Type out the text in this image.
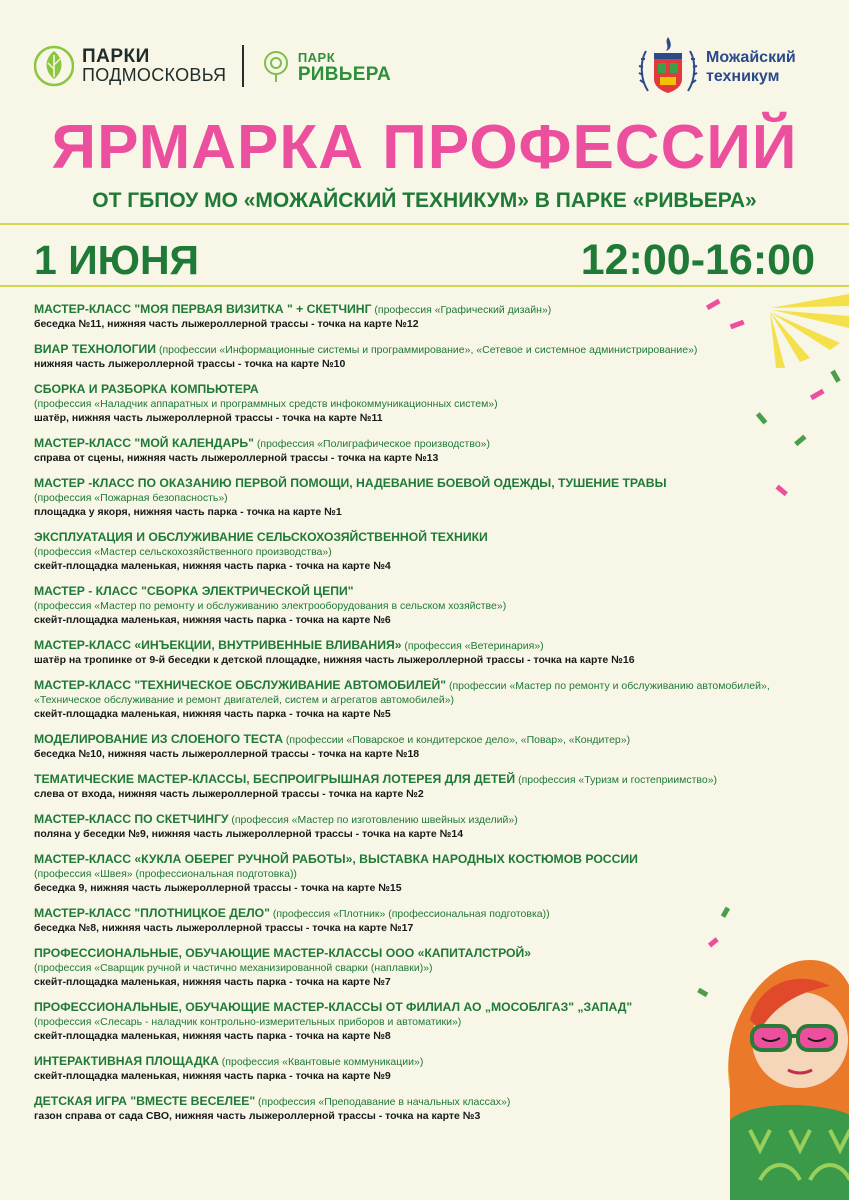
ПАРКИ
ПОДМОСКОВЬЯ
ПАРК
РИВЬЕРА
Можайский
техникум
ЯРМАРКА ПРОФЕССИЙ
ОТ ГБПОУ МО «МОЖАЙСКИЙ ТЕХНИКУМ» В ПАРКЕ «РИВЬЕРА»
1 ИЮНЯ	12:00-16:00
МАСТЕР-КЛАСС "МОЯ ПЕРВАЯ ВИЗИТКА " + СКЕТЧИНГ (профессия «Графический дизайн»)
беседка №11, нижняя часть лыжероллерной трассы - точка на карте №12
ВИАР ТЕХНОЛОГИИ (профессии «Информационные системы и программирование», «Сетевое и системное администрирование»)
нижняя часть лыжероллерной трассы - точка на карте №10
СБОРКА И РАЗБОРКА КОМПЬЮТЕРА
(профессия «Наладчик аппаратных и программных средств инфокоммуникационных систем»)
шатёр, нижняя часть лыжероллерной трассы - точка на карте №11
МАСТЕР-КЛАСС "МОЙ КАЛЕНДАРЬ" (профессия «Полиграфическое производство»)
справа от сцены, нижняя часть лыжероллерной трассы - точка на карте №13
МАСТЕР -КЛАСС ПО ОКАЗАНИЮ ПЕРВОЙ ПОМОЩИ, НАДЕВАНИЕ БОЕВОЙ ОДЕЖДЫ, ТУШЕНИЕ ТРАВЫ
(профессия «Пожарная безопасность»)
площадка у якоря, нижняя часть парка - точка на карте №1
ЭКСПЛУАТАЦИЯ И ОБСЛУЖИВАНИЕ СЕЛЬСКОХОЗЯЙСТВЕННОЙ ТЕХНИКИ
(профессия «Мастер сельскохозяйственного производства»)
скейт-площадка маленькая, нижняя часть парка - точка на карте №4
МАСТЕР - КЛАСС "СБОРКА ЭЛЕКТРИЧЕСКОЙ ЦЕПИ"
(профессия «Мастер по ремонту и обслуживанию электрооборудования в сельском хозяйстве»)
скейт-площадка маленькая, нижняя часть парка - точка на карте №6
МАСТЕР-КЛАСС «ИНЪЕКЦИИ, ВНУТРИВЕННЫЕ ВЛИВАНИЯ» (профессия «Ветеринария»)
шатёр на тропинке от 9-й беседки к детской площадке, нижняя часть лыжероллерной трассы - точка на карте №16
МАСТЕР-КЛАСС "ТЕХНИЧЕСКОЕ ОБСЛУЖИВАНИЕ АВТОМОБИЛЕЙ" (профессии «Мастер по ремонту и обслуживанию автомобилей»,
«Техническое обслуживание и ремонт двигателей, систем и агрегатов автомобилей»)
скейт-площадка маленькая, нижняя часть парка - точка на карте №5
МОДЕЛИРОВАНИЕ ИЗ СЛОЕНОГО ТЕСТА (профессии «Поварское и кондитерское дело», «Повар», «Кондитер»)
беседка №10, нижняя часть лыжероллерной трассы - точка на карте №18
ТЕМАТИЧЕСКИЕ МАСТЕР-КЛАССЫ, БЕСПРОИГРЫШНАЯ ЛОТЕРЕЯ ДЛЯ ДЕТЕЙ (профессия «Туризм и гостеприимство»)
слева от входа, нижняя часть лыжероллерной трассы - точка на карте №2
МАСТЕР-КЛАСС ПО СКЕТЧИНГУ (профессия «Мастер по изготовлению швейных изделий»)
поляна у беседки №9, нижняя часть лыжероллерной трассы - точка на карте №14
МАСТЕР-КЛАСС «КУКЛА ОБЕРЕГ РУЧНОЙ РАБОТЫ», ВЫСТАВКА НАРОДНЫХ КОСТЮМОВ РОССИИ
(профессия «Швея» (профессиональная подготовка))
беседка 9, нижняя часть лыжероллерной трассы - точка на карте №15
МАСТЕР-КЛАСС "ПЛОТНИЦКОЕ ДЕЛО" (профессия «Плотник» (профессиональная подготовка))
беседка №8, нижняя часть лыжероллерной трассы - точка на карте №17
ПРОФЕССИОНАЛЬНЫЕ, ОБУЧАЮЩИЕ МАСТЕР-КЛАССЫ ООО «КАПИТАЛСТРОЙ»
(профессия «Сварщик ручной и частично механизированной сварки (наплавки)»)
скейт-площадка маленькая, нижняя часть парка - точка на карте №7
ПРОФЕССИОНАЛЬНЫЕ, ОБУЧАЮЩИЕ МАСТЕР-КЛАССЫ ОТ ФИЛИАЛ АО „МОСОБЛГАЗ" „ЗАПАД"
(профессия «Слесарь - наладчик контрольно-измерительных приборов и автоматики»)
скейт-площадка маленькая, нижняя часть парка - точка на карте №8
ИНТЕРАКТИВНАЯ ПЛОЩАДКА (профессия «Квантовые коммуникации»)
скейт-площадка маленькая, нижняя часть парка - точка на карте №9
ДЕТСКАЯ ИГРА "ВМЕСТЕ ВЕСЕЛЕЕ" (профессия «Преподавание в начальных классах»)
газон справа от сада СВО, нижняя часть лыжероллерной трассы - точка на карте №3
